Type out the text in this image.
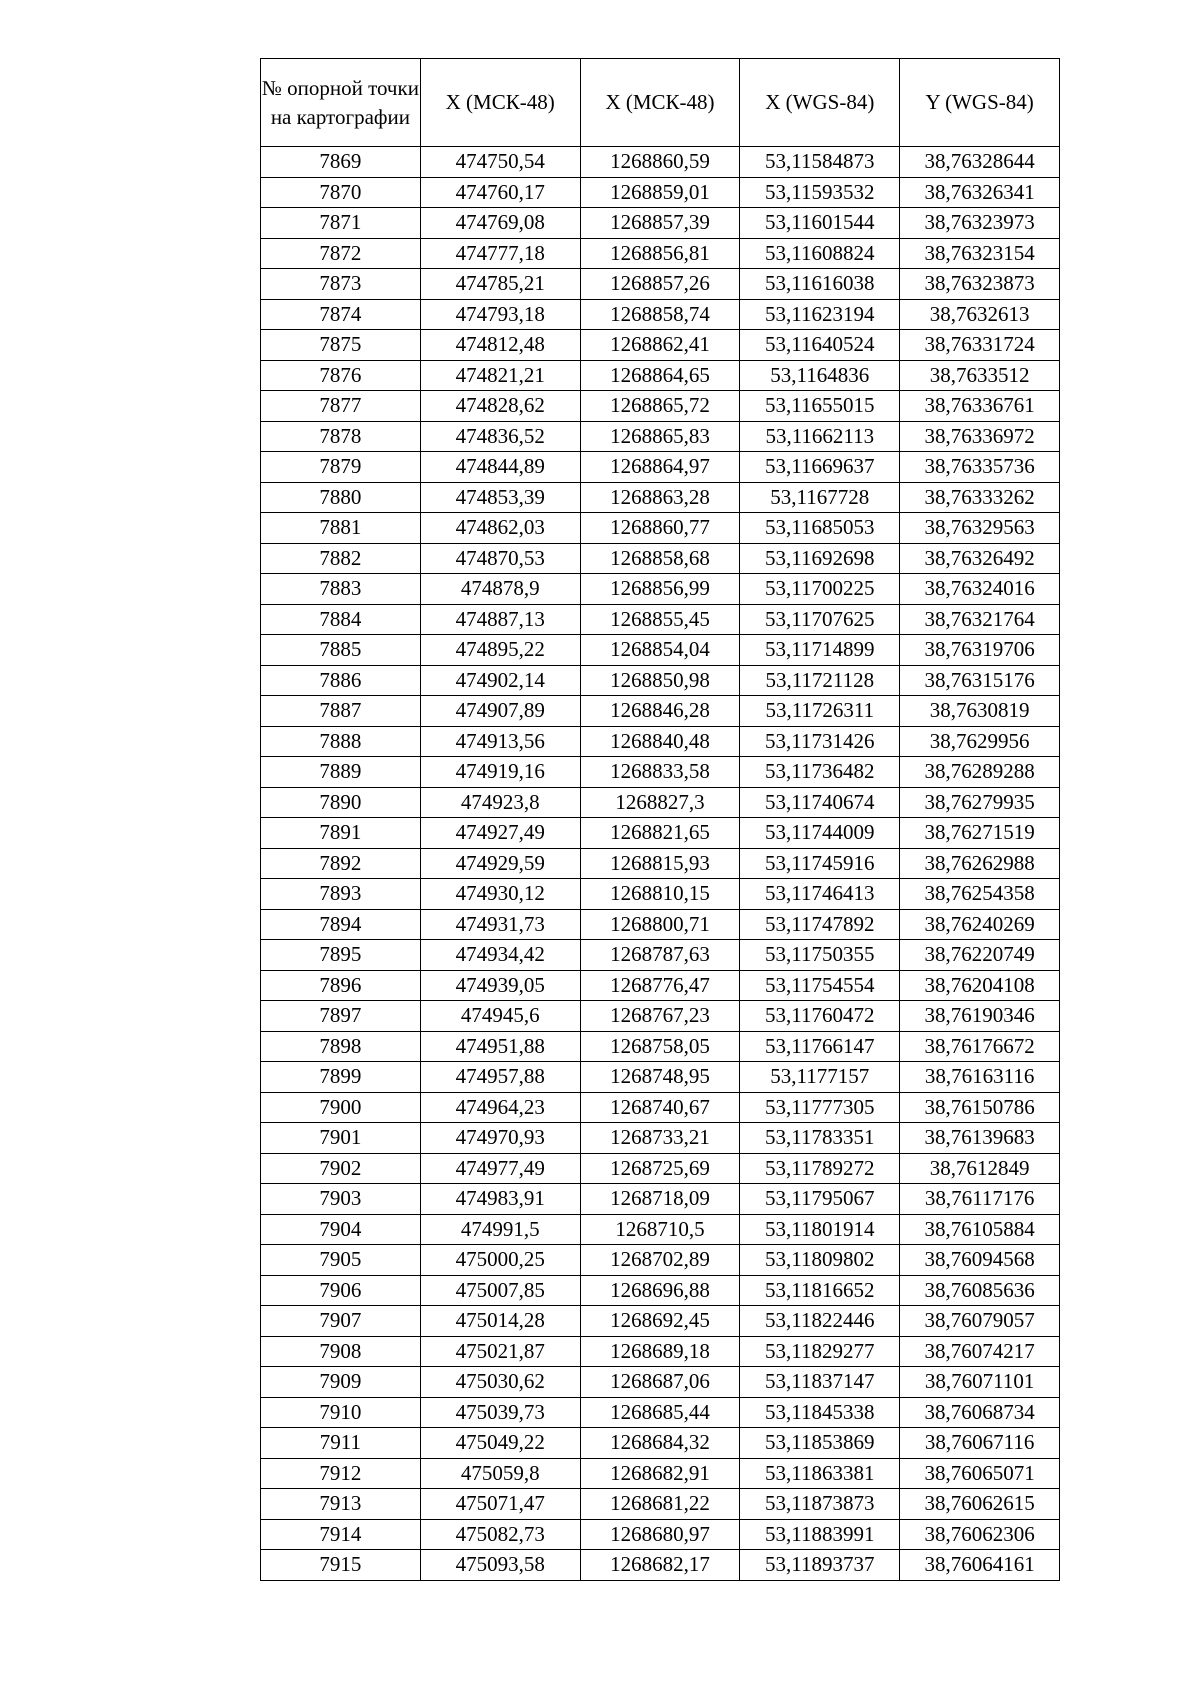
№ опорной точки на картографии	X (МСК-48)	X (МСК-48)	X (WGS-84)	Y (WGS-84)
7869	474750,54	1268860,59	53,11584873	38,76328644
7870	474760,17	1268859,01	53,11593532	38,76326341
7871	474769,08	1268857,39	53,11601544	38,76323973
7872	474777,18	1268856,81	53,11608824	38,76323154
7873	474785,21	1268857,26	53,11616038	38,76323873
7874	474793,18	1268858,74	53,11623194	38,7632613
7875	474812,48	1268862,41	53,11640524	38,76331724
7876	474821,21	1268864,65	53,1164836	38,7633512
7877	474828,62	1268865,72	53,11655015	38,76336761
7878	474836,52	1268865,83	53,11662113	38,76336972
7879	474844,89	1268864,97	53,11669637	38,76335736
7880	474853,39	1268863,28	53,1167728	38,76333262
7881	474862,03	1268860,77	53,11685053	38,76329563
7882	474870,53	1268858,68	53,11692698	38,76326492
7883	474878,9	1268856,99	53,11700225	38,76324016
7884	474887,13	1268855,45	53,11707625	38,76321764
7885	474895,22	1268854,04	53,11714899	38,76319706
7886	474902,14	1268850,98	53,11721128	38,76315176
7887	474907,89	1268846,28	53,11726311	38,7630819
7888	474913,56	1268840,48	53,11731426	38,7629956
7889	474919,16	1268833,58	53,11736482	38,76289288
7890	474923,8	1268827,3	53,11740674	38,76279935
7891	474927,49	1268821,65	53,11744009	38,76271519
7892	474929,59	1268815,93	53,11745916	38,76262988
7893	474930,12	1268810,15	53,11746413	38,76254358
7894	474931,73	1268800,71	53,11747892	38,76240269
7895	474934,42	1268787,63	53,11750355	38,76220749
7896	474939,05	1268776,47	53,11754554	38,76204108
7897	474945,6	1268767,23	53,11760472	38,76190346
7898	474951,88	1268758,05	53,11766147	38,76176672
7899	474957,88	1268748,95	53,1177157	38,76163116
7900	474964,23	1268740,67	53,11777305	38,76150786
7901	474970,93	1268733,21	53,11783351	38,76139683
7902	474977,49	1268725,69	53,11789272	38,7612849
7903	474983,91	1268718,09	53,11795067	38,76117176
7904	474991,5	1268710,5	53,11801914	38,76105884
7905	475000,25	1268702,89	53,11809802	38,76094568
7906	475007,85	1268696,88	53,11816652	38,76085636
7907	475014,28	1268692,45	53,11822446	38,76079057
7908	475021,87	1268689,18	53,11829277	38,76074217
7909	475030,62	1268687,06	53,11837147	38,76071101
7910	475039,73	1268685,44	53,11845338	38,76068734
7911	475049,22	1268684,32	53,11853869	38,76067116
7912	475059,8	1268682,91	53,11863381	38,76065071
7913	475071,47	1268681,22	53,11873873	38,76062615
7914	475082,73	1268680,97	53,11883991	38,76062306
7915	475093,58	1268682,17	53,11893737	38,76064161
